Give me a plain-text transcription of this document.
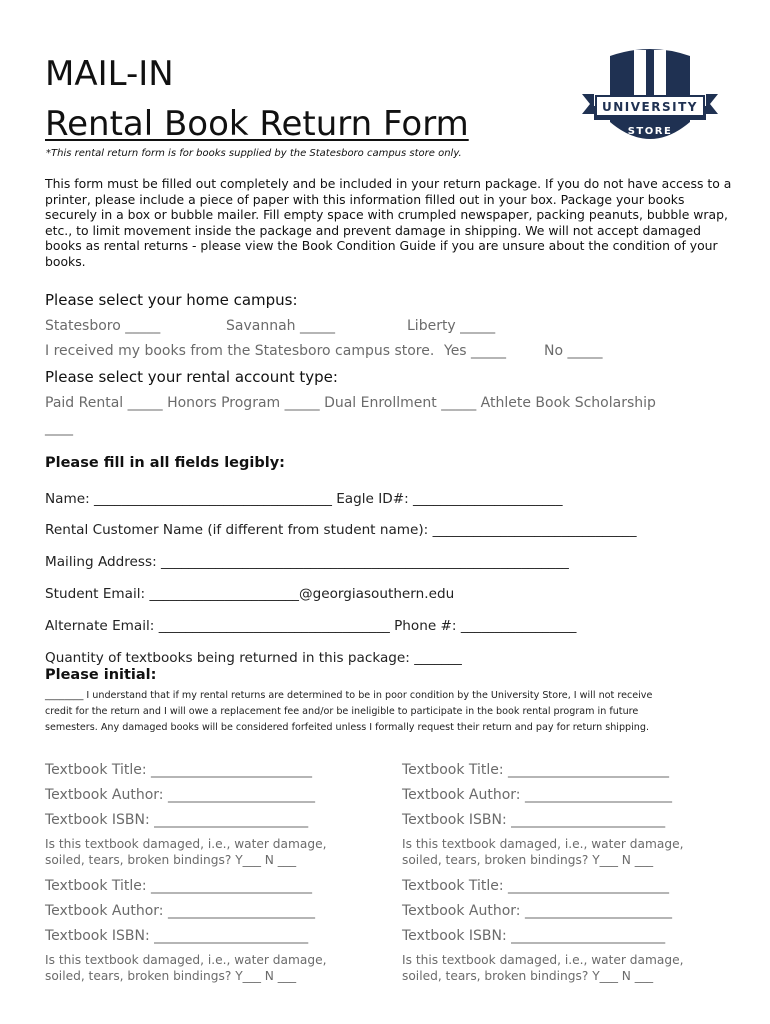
MAIL-IN
Rental Book Return Form
*This rental return form is for books supplied by the Statesboro campus store only.
UNIVERSITY
STORE

This form must be filled out completely and be included in your return package. If you do not have access to a printer, please include a piece of paper with this information filled out in your box. Package your books securely in a box or bubble mailer. Fill empty space with crumpled newspaper, packing peanuts, bubble wrap, etc., to limit movement inside the package and prevent damage in shipping. We will not accept damaged books as rental returns - please view the Book Condition Guide if you are unsure about the condition of your books.

Please select your home campus:
Statesboro _____	Savannah _____	Liberty _____
I received my books from the Statesboro campus store. Yes _____	No _____
Please select your rental account type:
Paid Rental _____ Honors Program _____ Dual Enrollment _____ Athlete Book Scholarship
____
Please fill in all fields legibly:
Name: ___________________________________ Eagle ID#: ______________________
Rental Customer Name (if different from student name): ______________________________
Mailing Address: ____________________________________________________________
Student Email: ______________________@georgiasouthern.edu
Alternate Email: __________________________________ Phone #: _________________
Quantity of textbooks being returned in this package: _______
Please initial:
________ I understand that if my rental returns are determined to be in poor condition by the University Store, I will not receive
credit for the return and I will owe a replacement fee and/or be ineligible to participate in the book rental program in future
semesters. Any damaged books will be considered forfeited unless I formally request their return and pay for return shipping.
Textbook Title: _______________________
Textbook Author: _____________________
Textbook ISBN: ______________________
Is this textbook damaged, i.e., water damage,
soiled, tears, broken bindings? Y___ N ___
Textbook Title: _______________________
Textbook Author: _____________________
Textbook ISBN: ______________________
Is this textbook damaged, i.e., water damage,
soiled, tears, broken bindings? Y___ N ___
Textbook Title: _______________________
Textbook Author: _____________________
Textbook ISBN: ______________________
Is this textbook damaged, i.e., water damage,
soiled, tears, broken bindings? Y___ N ___
Textbook Title: _______________________
Textbook Author: _____________________
Textbook ISBN: ______________________
Is this textbook damaged, i.e., water damage,
soiled, tears, broken bindings? Y___ N ___
